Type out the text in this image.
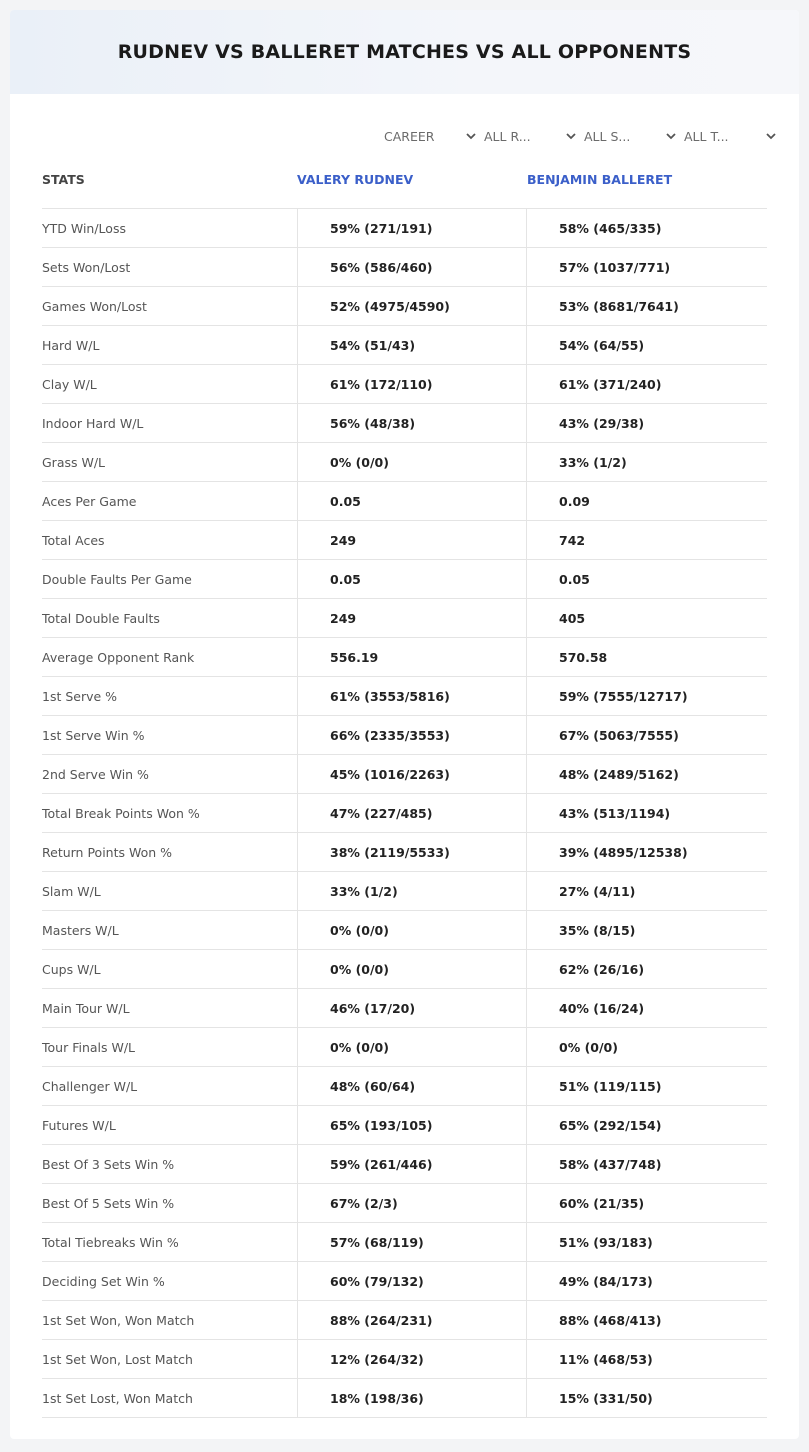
RUDNEV VS BALLERET MATCHES VS ALL OPPONENTS
CAREER	ALL R...	ALL S...	ALL T...
STATS	VALERY RUDNEV	BENJAMIN BALLERET
YTD Win/Loss	59% (271/191)	58% (465/335)
Sets Won/Lost	56% (586/460)	57% (1037/771)
Games Won/Lost	52% (4975/4590)	53% (8681/7641)
Hard W/L	54% (51/43)	54% (64/55)
Clay W/L	61% (172/110)	61% (371/240)
Indoor Hard W/L	56% (48/38)	43% (29/38)
Grass W/L	0% (0/0)	33% (1/2)
Aces Per Game	0.05	0.09
Total Aces	249	742
Double Faults Per Game	0.05	0.05
Total Double Faults	249	405
Average Opponent Rank	556.19	570.58
1st Serve %	61% (3553/5816)	59% (7555/12717)
1st Serve Win %	66% (2335/3553)	67% (5063/7555)
2nd Serve Win %	45% (1016/2263)	48% (2489/5162)
Total Break Points Won %	47% (227/485)	43% (513/1194)
Return Points Won %	38% (2119/5533)	39% (4895/12538)
Slam W/L	33% (1/2)	27% (4/11)
Masters W/L	0% (0/0)	35% (8/15)
Cups W/L	0% (0/0)	62% (26/16)
Main Tour W/L	46% (17/20)	40% (16/24)
Tour Finals W/L	0% (0/0)	0% (0/0)
Challenger W/L	48% (60/64)	51% (119/115)
Futures W/L	65% (193/105)	65% (292/154)
Best Of 3 Sets Win %	59% (261/446)	58% (437/748)
Best Of 5 Sets Win %	67% (2/3)	60% (21/35)
Total Tiebreaks Win %	57% (68/119)	51% (93/183)
Deciding Set Win %	60% (79/132)	49% (84/173)
1st Set Won, Won Match	88% (264/231)	88% (468/413)
1st Set Won, Lost Match	12% (264/32)	11% (468/53)
1st Set Lost, Won Match	18% (198/36)	15% (331/50)
